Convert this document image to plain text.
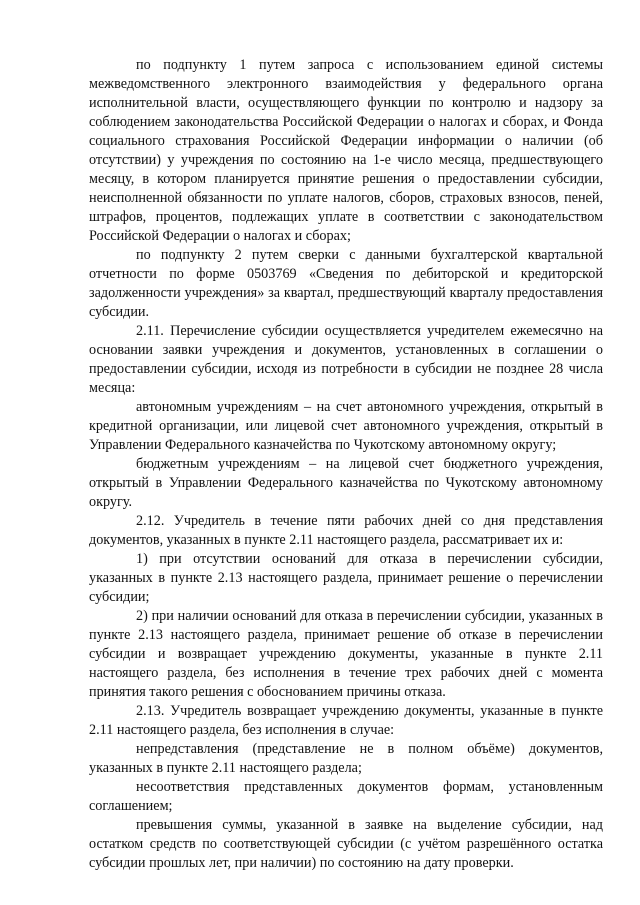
по подпункту 1 путем запроса с использованием единой системы межведомственного электронного взаимодействия у федерального органа исполнительной власти, осуществляющего функции по контролю и надзору за соблюдением законодательства Российской Федерации о налогах и сборах, и Фонда социального страхования Российской Федерации информации о наличии (об отсутствии) у учреждения по состоянию на 1-е число месяца, предшествующего месяцу, в котором планируется принятие решения о предоставлении субсидии, неисполненной обязанности по уплате налогов, сборов, страховых взносов, пеней, штрафов, процентов, подлежащих уплате в соответствии с законодательством Российской Федерации о налогах и сборах;

по подпункту 2 путем сверки с данными бухгалтерской квартальной отчетности по форме 0503769 «Сведения по дебиторской и кредиторской задолженности учреждения» за квартал, предшествующий кварталу предоставления субсидии.

2.11. Перечисление субсидии осуществляется учредителем ежемесячно на основании заявки учреждения и документов, установленных в соглашении о предоставлении субсидии, исходя из потребности в субсидии не позднее 28 числа месяца:

автономным учреждениям – на счет автономного учреждения, открытый в кредитной организации, или лицевой счет автономного учреждения, открытый в Управлении Федерального казначейства по Чукотскому автономному округу;

бюджетным учреждениям – на лицевой счет бюджетного учреждения, открытый в Управлении Федерального казначейства по Чукотскому автономному округу.

2.12. Учредитель в течение пяти рабочих дней со дня представления документов, указанных в пункте 2.11 настоящего раздела, рассматривает их и:

1) при отсутствии оснований для отказа в перечислении субсидии, указанных в пункте 2.13 настоящего раздела, принимает решение о перечислении субсидии;

2) при наличии оснований для отказа в перечислении субсидии, указанных в пункте 2.13 настоящего раздела, принимает решение об отказе в перечислении субсидии и возвращает учреждению документы, указанные в пункте 2.11 настоящего раздела, без исполнения в течение трех рабочих дней с момента принятия такого решения с обоснованием причины отказа.

2.13. Учредитель возвращает учреждению документы, указанные в пункте 2.11 настоящего раздела, без исполнения в случае:

непредставления (представление не в полном объёме) документов, указанных в пункте 2.11 настоящего раздела;

несоответствия представленных документов формам, установленным соглашением;

превышения суммы, указанной в заявке на выделение субсидии, над остатком средств по соответствующей субсидии (с учётом разрешённого остатка субсидии прошлых лет, при наличии) по состоянию на дату проверки.
